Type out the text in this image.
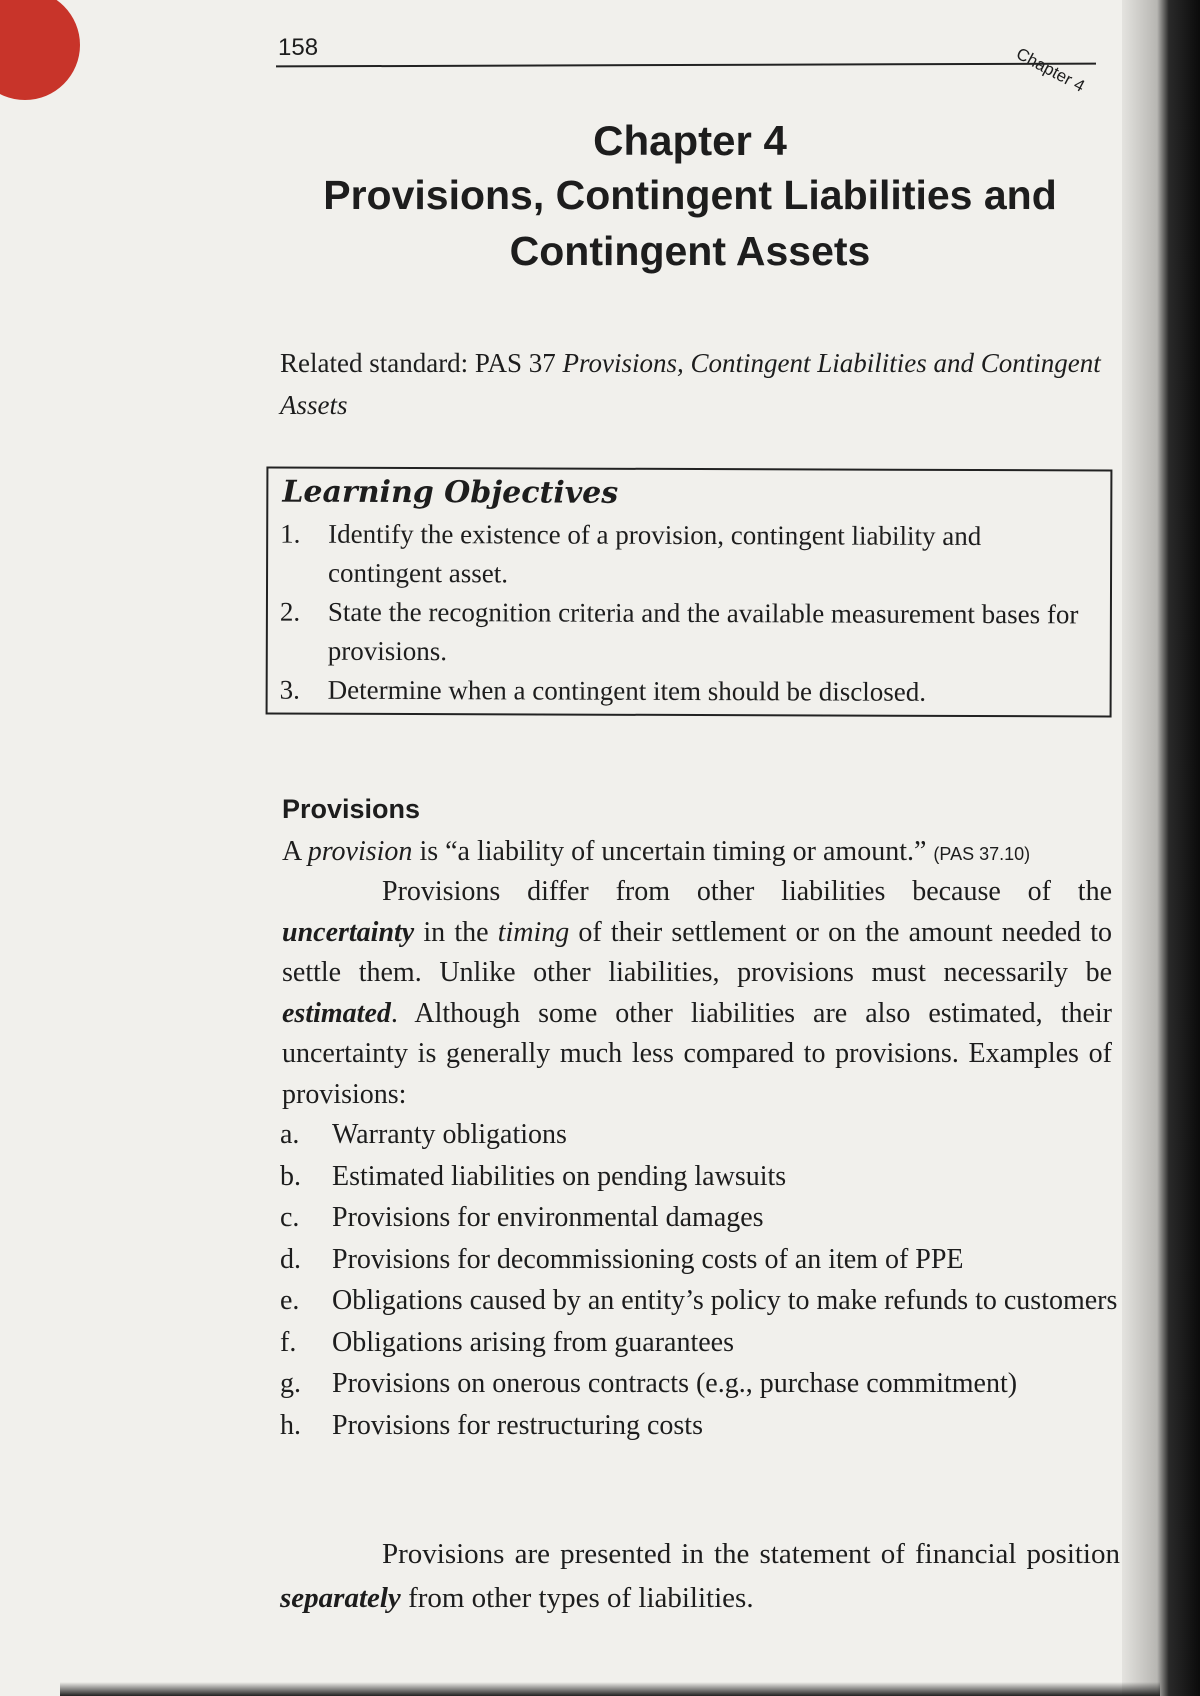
158	Chapter 4
Chapter 4
Provisions, Contingent Liabilities and Contingent Assets
Related standard: PAS 37 Provisions, Contingent Liabilities and Contingent Assets
Learning Objectives
1.	Identify the existence of a provision, contingent liability and contingent asset.
2.	State the recognition criteria and the available measurement bases for provisions.
3.	Determine when a contingent item should be disclosed.
Provisions
A provision is “a liability of uncertain timing or amount.” (PAS 37.10)
Provisions differ from other liabilities because of the uncertainty in the timing of their settlement or on the amount needed to settle them. Unlike other liabilities, provisions must necessarily be estimated. Although some other liabilities are also estimated, their uncertainty is generally much less compared to provisions. Examples of provisions:
a.	Warranty obligations
b.	Estimated liabilities on pending lawsuits
c.	Provisions for environmental damages
d.	Provisions for decommissioning costs of an item of PPE
e.	Obligations caused by an entity’s policy to make refunds to customers
f.	Obligations arising from guarantees
g.	Provisions on onerous contracts (e.g., purchase commitment)
h.	Provisions for restructuring costs
Provisions are presented in the statement of financial position separately from other types of liabilities.
